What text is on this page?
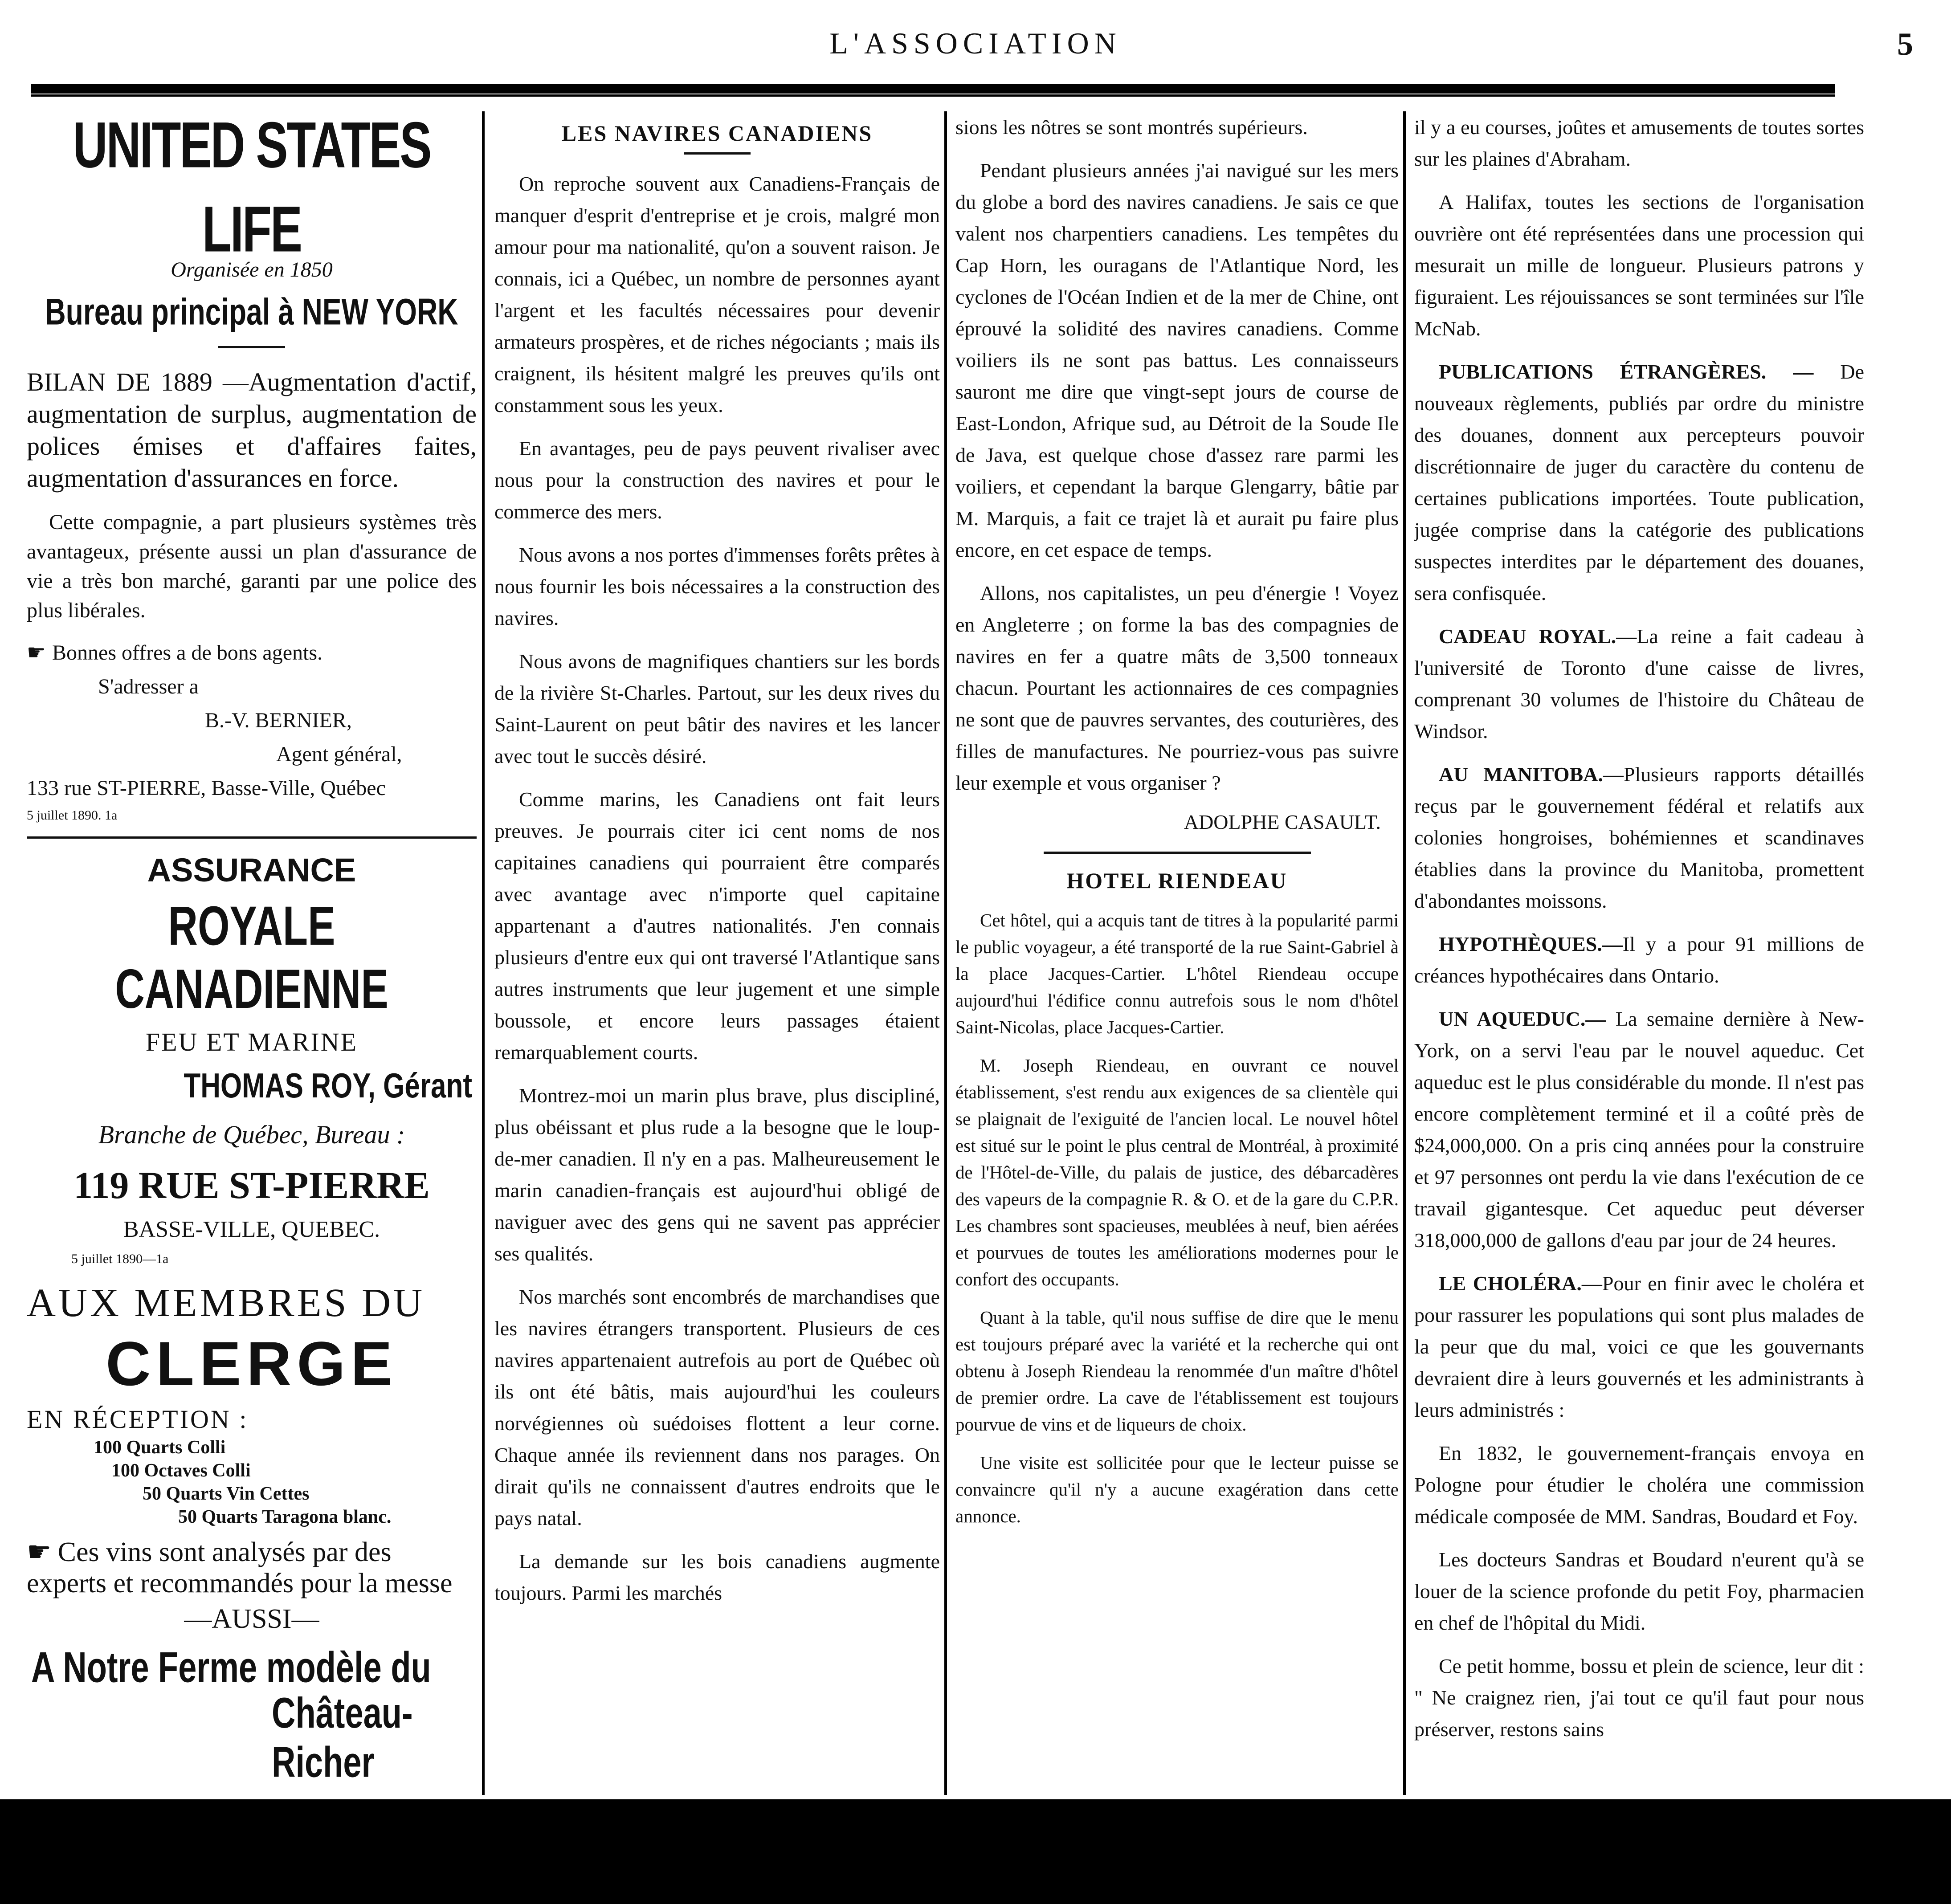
L'ASSOCIATION	5
UNITED STATES LIFE
Organisée en 1850
Bureau principal à NEW YORK
BILAN DE 1889 —Augmentation d'actif, augmentation de surplus, augmentation de polices émises et d'affaires faites, augmentation d'assurances en force.
Cette compagnie, a part plusieurs systèmes très avantageux, présente aussi un plan d'assurance de vie a très bon marché, garanti par une police des plus libérales.
☛ Bonnes offres a de bons agents.
S'adresser a
B.-V. BERNIER,
Agent général,
133 rue ST-PIERRE, Basse-Ville, Québec
5 juillet 1890. 1a
ASSURANCE
ROYALE CANADIENNE
FEU ET MARINE
THOMAS ROY, Gérant
Branche de Québec, Bureau :
119 RUE ST-PIERRE
BASSE-VILLE, QUEBEC.
5 juillet 1890—1a
AUX MEMBRES DU
CLERGE
EN RÉCEPTION :
100 Quarts Colli
100 Octaves Colli
50 Quarts Vin Cettes
50 Quarts Taragona blanc.
☛ Ces vins sont analysés par des experts et recommandés pour la messe
—AUSSI—
A Notre Ferme modèle du
Château-Richer
LES NAVIRES CANADIENS

On reproche souvent aux Canadiens-Français de manquer d'esprit d'entreprise et je crois, malgré mon amour pour ma nationalité, qu'on a souvent raison. Je connais, ici a Québec, un nombre de personnes ayant l'argent et les facultés nécessaires pour devenir armateurs prospères, et de riches négociants ; mais ils craignent, ils hésitent malgré les preuves qu'ils ont constamment sous les yeux.

En avantages, peu de pays peuvent rivaliser avec nous pour la construction des navires et pour le commerce des mers.

Nous avons a nos portes d'immenses forêts prêtes à nous fournir les bois nécessaires a la construction des navires.

Nous avons de magnifiques chantiers sur les bords de la rivière St-Charles. Partout, sur les deux rives du Saint-Laurent on peut bâtir des navires et les lancer avec tout le succès désiré.

Comme marins, les Canadiens ont fait leurs preuves. Je pourrais citer ici cent noms de nos capitaines canadiens qui pourraient être comparés avec avantage avec n'importe quel capitaine appartenant a d'autres nationalités. J'en connais plusieurs d'entre eux qui ont traversé l'Atlantique sans autres instruments que leur jugement et une simple boussole, et encore leurs passages étaient remarquablement courts.

Montrez-moi un marin plus brave, plus discipliné, plus obéissant et plus rude a la besogne que le loup-de-mer canadien. Il n'y en a pas. Malheureusement le marin canadien-français est aujourd'hui obligé de naviguer avec des gens qui ne savent pas apprécier ses qualités.

Nos marchés sont encombrés de marchandises que les navires étrangers transportent. Plusieurs de ces navires appartenaient autrefois au port de Québec où ils ont été bâtis, mais aujourd'hui les couleurs norvégiennes où suédoises flottent a leur corne. Chaque année ils reviennent dans nos parages. On dirait qu'ils ne connaissent d'autres endroits que le pays natal.

La demande sur les bois canadiens augmente toujours. Parmi les marchés

sions les nôtres se sont montrés supérieurs.

Pendant plusieurs années j'ai navigué sur les mers du globe a bord des navires canadiens. Je sais ce que valent nos charpentiers canadiens. Les tempêtes du Cap Horn, les ouragans de l'Atlantique Nord, les cyclones de l'Océan Indien et de la mer de Chine, ont éprouvé la solidité des navires canadiens. Comme voiliers ils ne sont pas battus. Les connaisseurs sauront me dire que vingt-sept jours de course de East-London, Afrique sud, au Détroit de la Soude Ile de Java, est quelque chose d'assez rare parmi les voiliers, et cependant la barque Glengarry, bâtie par M. Marquis, a fait ce trajet là et aurait pu faire plus encore, en cet espace de temps.

Allons, nos capitalistes, un peu d'énergie ! Voyez en Angleterre ; on forme la bas des compagnies de navires en fer a quatre mâts de 3,500 tonneaux chacun. Pourtant les actionnaires de ces compagnies ne sont que de pauvres servantes, des couturières, des filles de manufactures. Ne pourriez-vous pas suivre leur exemple et vous organiser ?

ADOLPHE CASAULT.
HOTEL RIENDEAU

Cet hôtel, qui a acquis tant de titres à la popularité parmi le public voyageur, a été transporté de la rue Saint-Gabriel à la place Jacques-Cartier. L'hôtel Riendeau occupe aujourd'hui l'édifice connu autrefois sous le nom d'hôtel Saint-Nicolas, place Jacques-Cartier.

M. Joseph Riendeau, en ouvrant ce nouvel établissement, s'est rendu aux exigences de sa clientèle qui se plaignait de l'exiguité de l'ancien local. Le nouvel hôtel est situé sur le point le plus central de Montréal, à proximité de l'Hôtel-de-Ville, du palais de justice, des débarcadères des vapeurs de la compagnie R. & O. et de la gare du C.P.R. Les chambres sont spacieuses, meublées à neuf, bien aérées et pourvues de toutes les améliorations modernes pour le confort des occupants.

Quant à la table, qu'il nous suffise de dire que le menu est toujours préparé avec la variété et la recherche qui ont obtenu à Joseph Riendeau la renommée d'un maître d'hôtel de premier ordre. La cave de l'établissement est toujours pourvue de vins et de liqueurs de choix.

Une visite est sollicitée pour que le lecteur puisse se convaincre qu'il n'y a aucune exagération dans cette annonce.

il y a eu courses, joûtes et amusements de toutes sortes sur les plaines d'Abraham.

A Halifax, toutes les sections de l'organisation ouvrière ont été représentées dans une procession qui mesurait un mille de longueur. Plusieurs patrons y figuraient. Les réjouissances se sont terminées sur l'île McNab.

PUBLICATIONS ÉTRANGÈRES. — De nouveaux règlements, publiés par ordre du ministre des douanes, donnent aux percepteurs pouvoir discrétionnaire de juger du caractère du contenu de certaines publications importées. Toute publication, jugée comprise dans la catégorie des publications suspectes interdites par le département des douanes, sera confisquée.

CADEAU ROYAL.—La reine a fait cadeau à l'université de Toronto d'une caisse de livres, comprenant 30 volumes de l'histoire du Château de Windsor.

AU MANITOBA.—Plusieurs rapports détaillés reçus par le gouvernement fédéral et relatifs aux colonies hongroises, bohémiennes et scandinaves établies dans la province du Manitoba, promettent d'abondantes moissons.

HYPOTHÈQUES.—Il y a pour 91 millions de créances hypothécaires dans Ontario.

UN AQUEDUC.— La semaine dernière à New-York, on a servi l'eau par le nouvel aqueduc. Cet aqueduc est le plus considérable du monde. Il n'est pas encore complètement terminé et il a coûté près de $24,000,000. On a pris cinq années pour la construire et 97 personnes ont perdu la vie dans l'exécution de ce travail gigantesque. Cet aqueduc peut déverser 318,000,000 de gallons d'eau par jour de 24 heures.

LE CHOLÉRA.—Pour en finir avec le choléra et pour rassurer les populations qui sont plus malades de la peur que du mal, voici ce que les gouvernants devraient dire à leurs gouvernés et les administrants à leurs administrés :

En 1832, le gouvernement-français envoya en Pologne pour étudier le choléra une commission médicale composée de MM. Sandras, Boudard et Foy.

Les docteurs Sandras et Boudard n'eurent qu'à se louer de la science profonde du petit Foy, pharmacien en chef de l'hôpital du Midi.

Ce petit homme, bossu et plein de science, leur dit : " Ne craignez rien, j'ai tout ce qu'il faut pour nous préserver, restons sains
